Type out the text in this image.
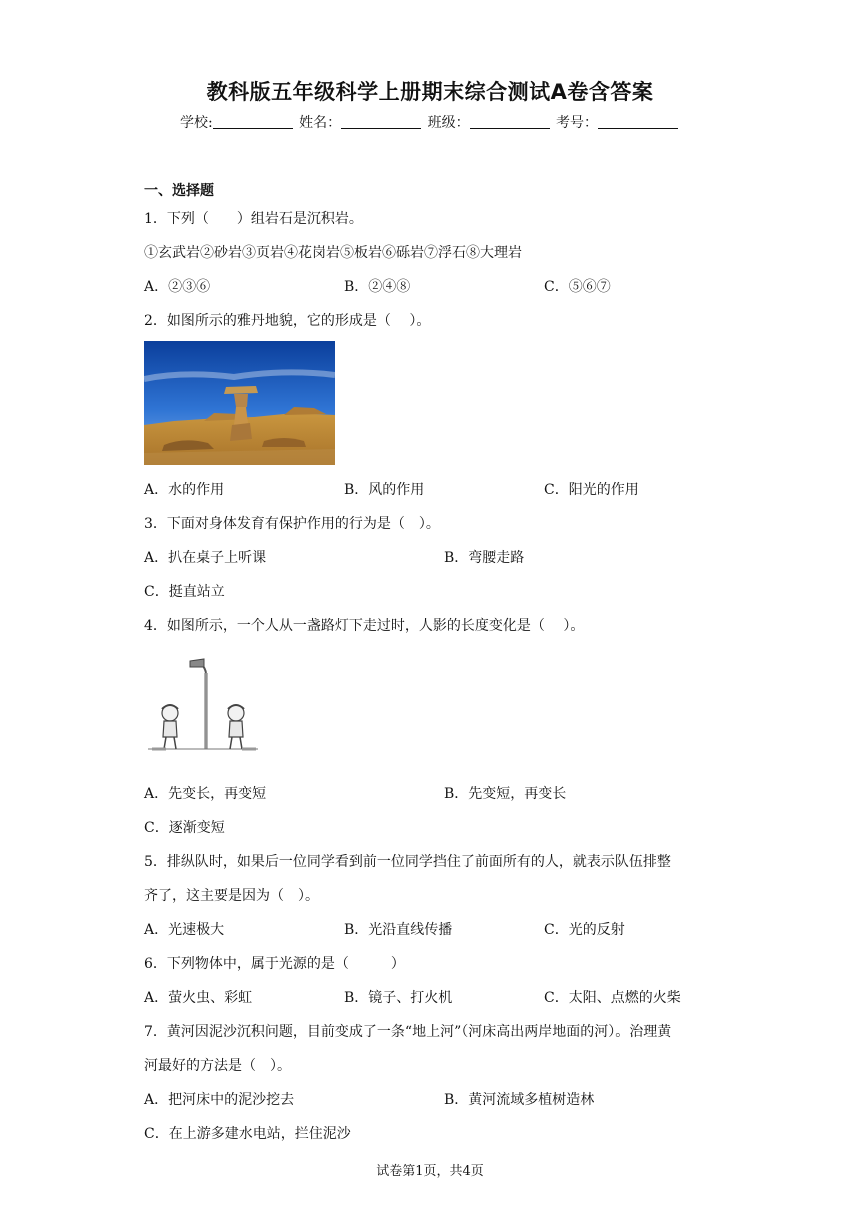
教科版五年级科学上册期末综合测试A卷含答案
学校:	姓名：	班级：	考号：
一、选择题
1．下列（　　）组岩石是沉积岩。
①玄武岩②砂岩③页岩④花岗岩⑤板岩⑥砾岩⑦浮石⑧大理岩
A．②③⑥	B．②④⑧	C．⑤⑥⑦
2．如图所示的雅丹地貌，它的形成是（　 ）。
A．水的作用	B．风的作用	C．阳光的作用
3．下面对身体发育有保护作用的行为是（　）。
A．扒在桌子上听课	B．弯腰走路
C．挺直站立
4．如图所示，一个人从一盏路灯下走过时，人影的长度变化是（　 ）。
A．先变长，再变短	B．先变短，再变长
C．逐渐变短
5．排纵队时，如果后一位同学看到前一位同学挡住了前面所有的人，就表示队伍排整
齐了，这主要是因为（　）。
A．光速极大	B．光沿直线传播	C．光的反射
6．下列物体中，属于光源的是（　　　）
A．萤火虫、彩虹	B．镜子、打火机	C．太阳、点燃的火柴
7．黄河因泥沙沉积问题，目前变成了一条“地上河”（河床高出两岸地面的河）。治理黄
河最好的方法是（　）。
A．把河床中的泥沙挖去	B．黄河流域多植树造林
C．在上游多建水电站，拦住泥沙
试卷第1页，共4页
